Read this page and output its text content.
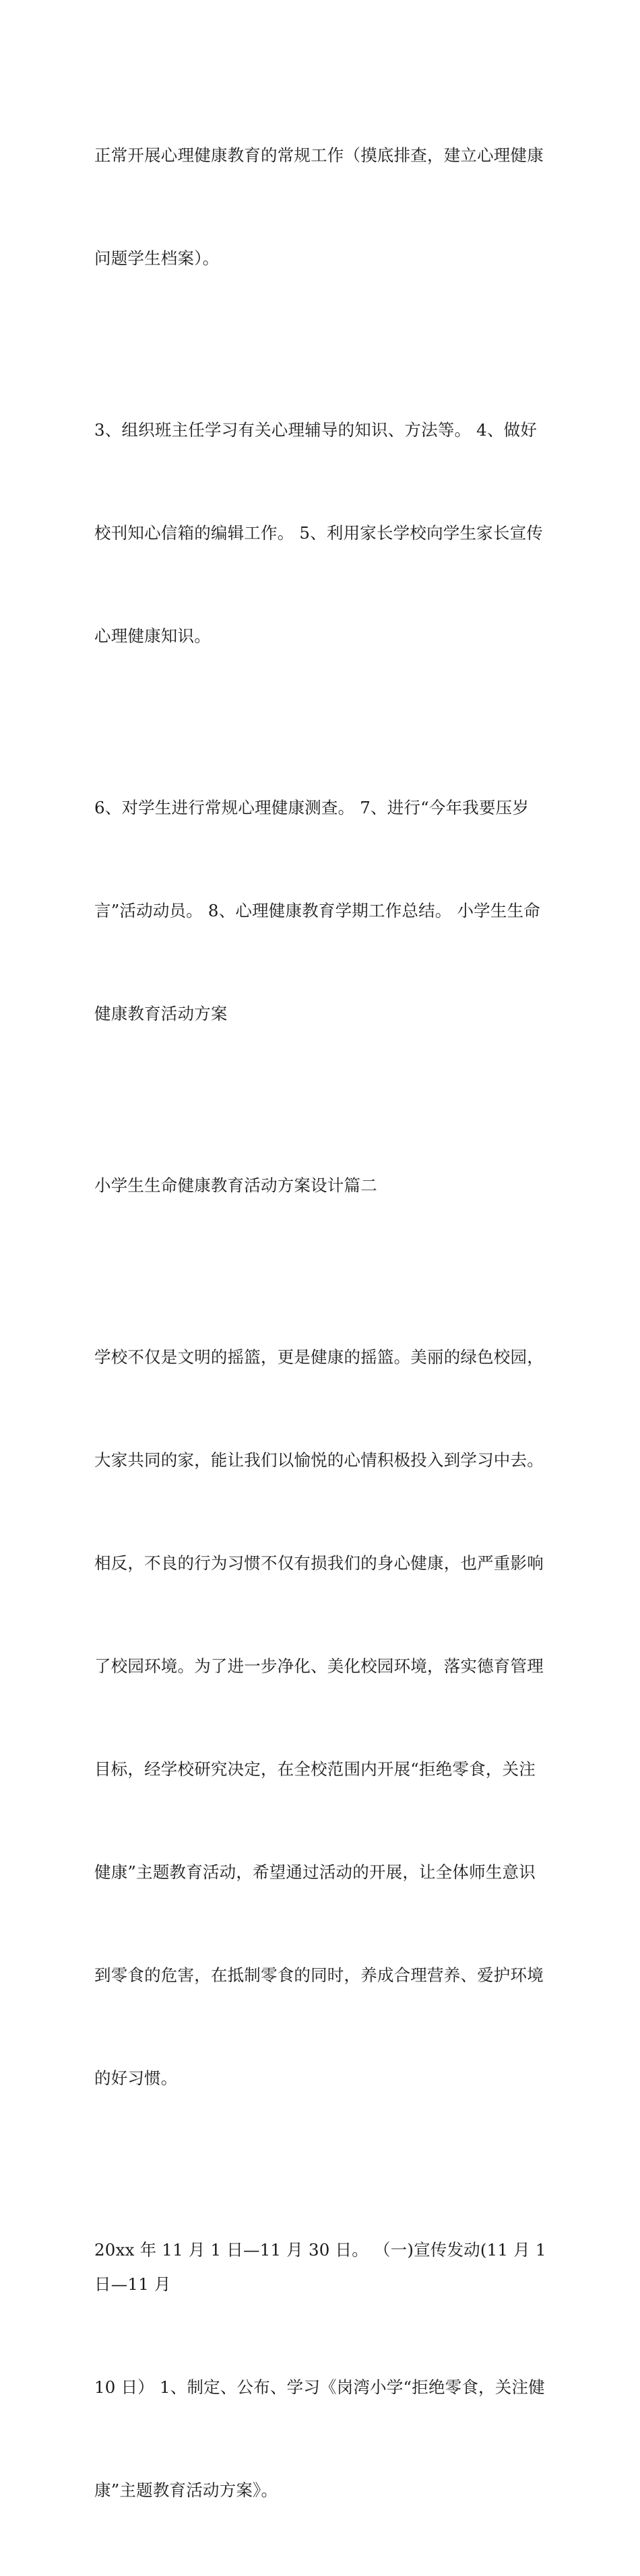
正常开展心理健康教育的常规工作（摸底排查，建立心理健康

问题学生档案）。

3、组织班主任学习有关心理辅导的知识、方法等。 4、做好

校刊知心信箱的编辑工作。 5、利用家长学校向学生家长宣传

心理健康知识。

6、对学生进行常规心理健康测查。 7、进行“今年我要压岁

言”活动动员。 8、心理健康教育学期工作总结。 小学生生命

健康教育活动方案

小学生生命健康教育活动方案设计篇二

学校不仅是文明的摇篮，更是健康的摇篮。美丽的绿色校园，

大家共同的家，能让我们以愉悦的心情积极投入到学习中去。

相反，不良的行为习惯不仅有损我们的身心健康，也严重影响

了校园环境。为了进一步净化、美化校园环境，落实德育管理

目标，经学校研究决定，在全校范围内开展“拒绝零食，关注

健康”主题教育活动，希望通过活动的开展，让全体师生意识

到零食的危害，在抵制零食的同时，养成合理营养、爱护环境

的好习惯。

20xx 年 11 月 1 日—11 月 30 日。 （一)宣传发动(11 月 1 日—11 月

10 日） 1、制定、公布、学习《岗湾小学“拒绝零食，关注健

康”主题教育活动方案》。
